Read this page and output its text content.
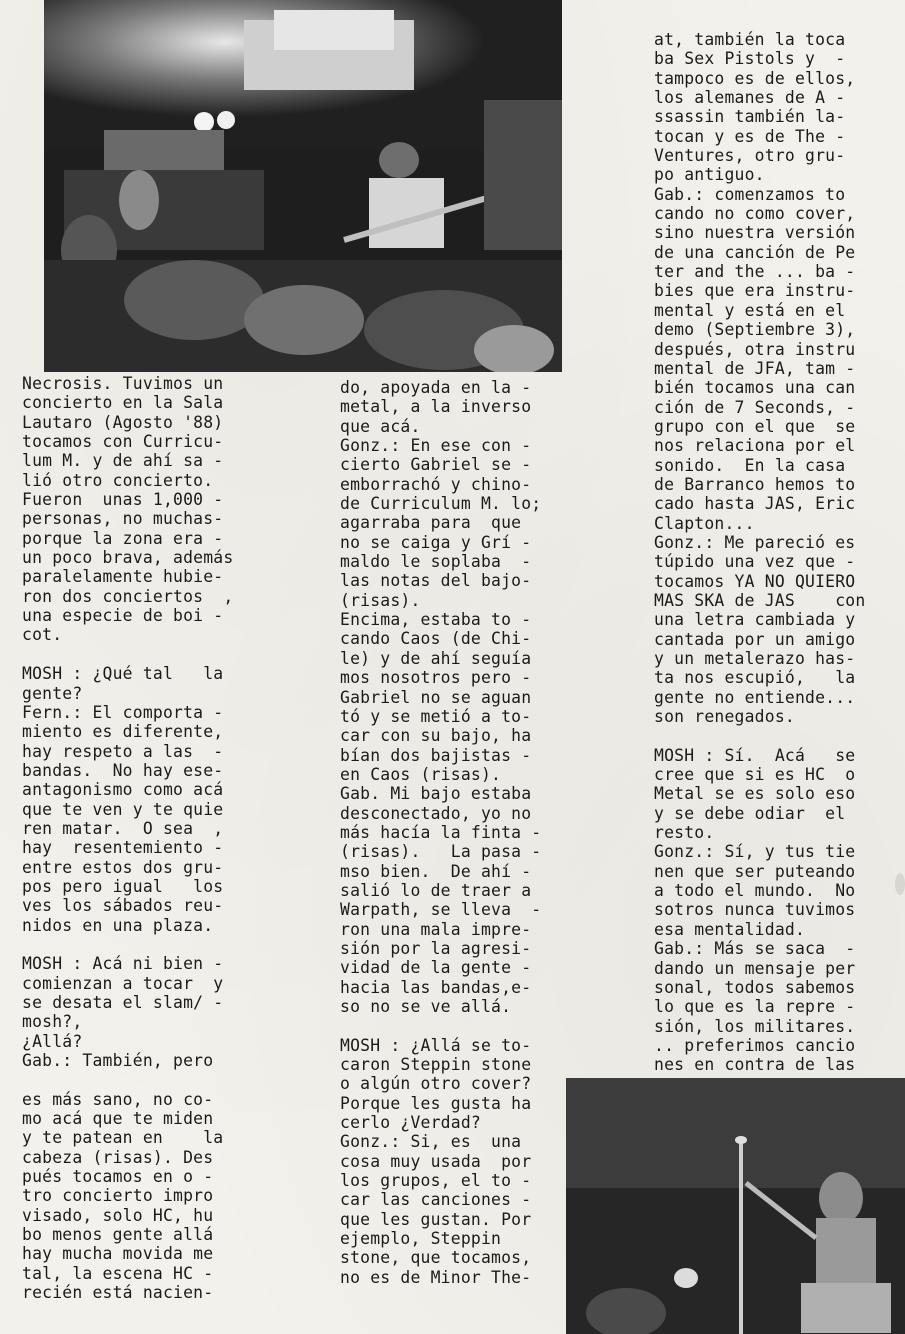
Necrosis. Tuvimos un
concierto en la Sala
Lautaro (Agosto '88)
tocamos con Curricu-
lum M. y de ahí sa -
lió otro concierto.
Fueron  unas 1,000 -
personas, no muchas-
porque la zona era -
un poco brava, además
paralelamente hubie-
ron dos conciertos  ,
una especie de boi -
cot.
MOSH : ¿Qué tal   la
gente?
Fern.: El comporta -
miento es diferente,
hay respeto a las  -
bandas.  No hay ese-
antagonismo como acá
que te ven y te quie
ren matar.  O sea  ,
hay  resentemiento -
entre estos dos gru-
pos pero igual   los
ves los sábados reu-
nidos en una plaza.
MOSH : Acá ni bien -
comienzan a tocar  y
se desata el slam/ -
mosh?,
¿Allá?
Gab.: También, pero
es más sano, no co-
mo acá que te miden
y te patean en    la
cabeza (risas). Des
pués tocamos en o -
tro concierto impro
visado, solo HC, hu
bo menos gente allá
hay mucha movida me
tal, la escena HC -
recién está nacien-
do, apoyada en la -
metal, a la inverso
que acá.
Gonz.: En ese con -
cierto Gabriel se -
emborrachó y chino-
de Curriculum M. lo;
agarraba para  que
no se caiga y Grí -
maldo le soplaba  -
las notas del bajo-
(risas).
Encima, estaba to -
cando Caos (de Chi-
le) y de ahí seguía
mos nosotros pero -
Gabriel no se aguan
tó y se metió a to-
car con su bajo, ha
bían dos bajistas -
en Caos (risas).
Gab. Mi bajo estaba
desconectado, yo no
más hacía la finta -
(risas).   La pasa -
mso bien.  De ahí -
salió lo de traer a
Warpath, se lleva  -
ron una mala impre-
sión por la agresi-
vidad de la gente -
hacia las bandas,e-
so no se ve allá.
MOSH : ¿Allá se to-
caron Steppin stone
o algún otro cover?
Porque les gusta ha
cerlo ¿Verdad?
Gonz.: Si, es  una
cosa muy usada  por
los grupos, el to -
car las canciones -
que les gustan. Por
ejemplo, Steppin
stone, que tocamos,
no es de Minor The-
at, también la toca
ba Sex Pistols y  -
tampoco es de ellos,
los alemanes de A -
ssassin también la-
tocan y es de The -
Ventures, otro gru-
po antiguo.
Gab.: comenzamos to
cando no como cover,
sino nuestra versión
de una canción de Pe
ter and the ... ba -
bies que era instru-
mental y está en el
demo (Septiembre 3),
después, otra instru
mental de JFA, tam -
bién tocamos una can
ción de 7 Seconds, -
grupo con el que  se
nos relaciona por el
sonido.  En la casa
de Barranco hemos to
cado hasta JAS, Eric
Clapton...
Gonz.: Me pareció es
túpido una vez que -
tocamos YA NO QUIERO
MAS SKA de JAS    con
una letra cambiada y
cantada por un amigo
y un metalerazo has-
ta nos escupió,   la
gente no entiende...
son renegados.
MOSH : Sí.  Acá   se
cree que si es HC  o
Metal se es solo eso
y se debe odiar  el
resto.
Gonz.: Sí, y tus tie
nen que ser puteando
a todo el mundo.  No
sotros nunca tuvimos
esa mentalidad.
Gab.: Más se saca  -
dando un mensaje per
sonal, todos sabemos
lo que es la repre -
sión, los militares.
.. preferimos cancio
nes en contra de las
